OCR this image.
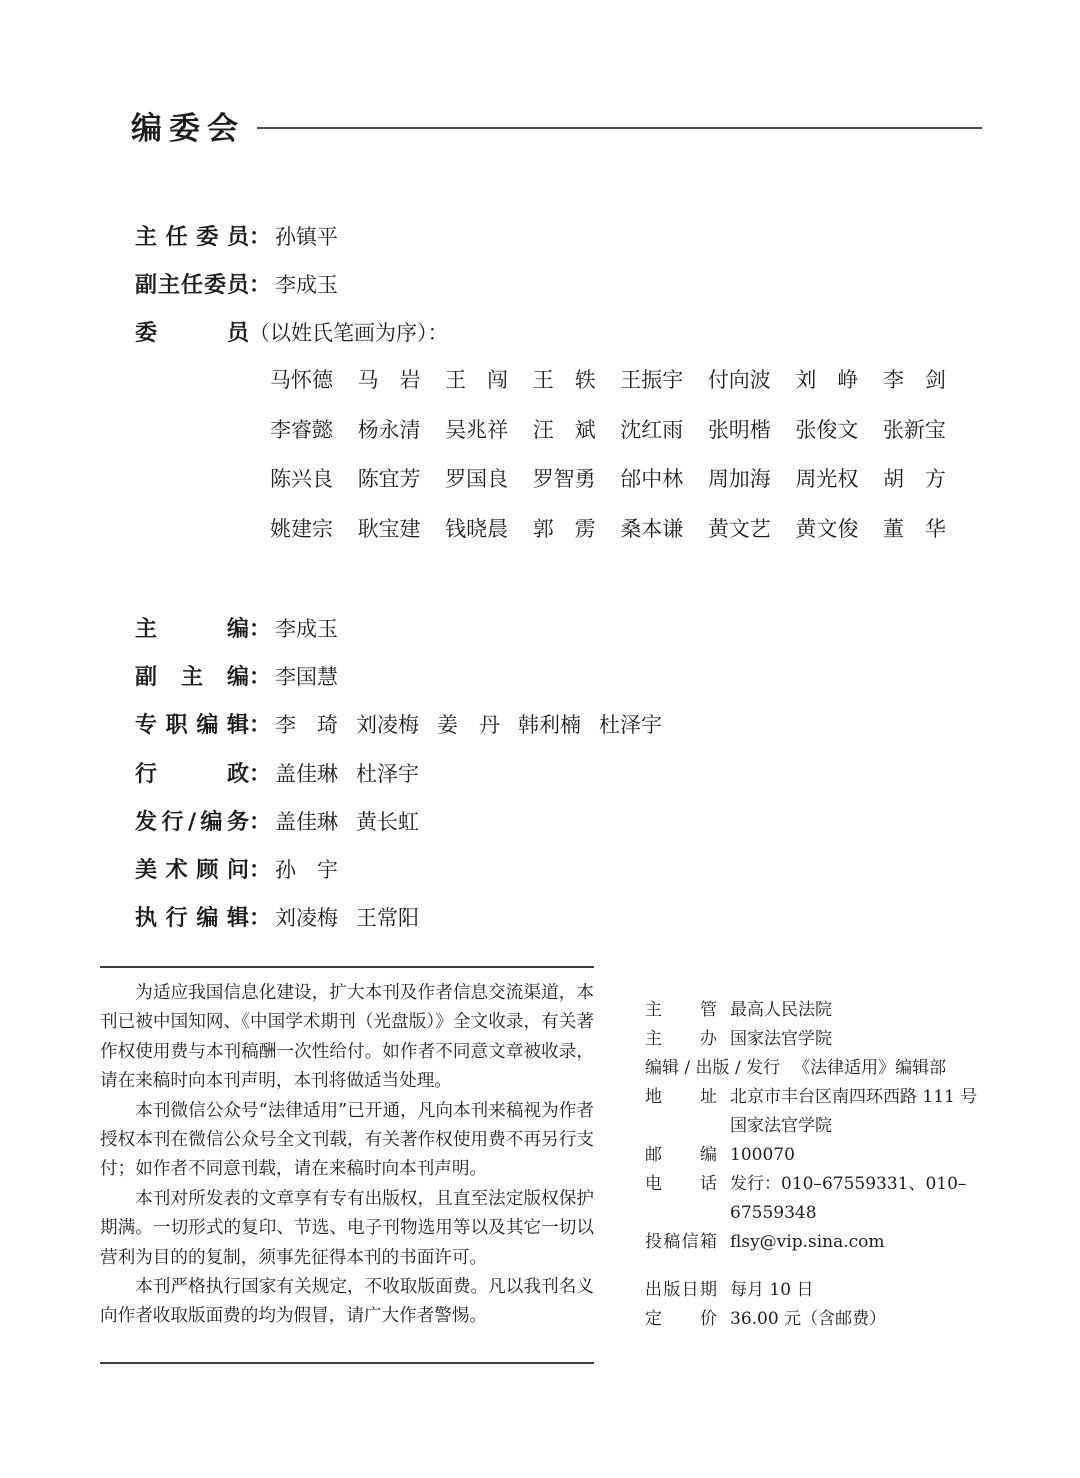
编委会
主任委员： 孙镇平
副主任委员： 李成玉
委员（以姓氏笔画为序）：
马怀德 马 岩 王 闯 王 轶 王振宇 付向波 刘 峥 李 剑
李睿懿 杨永清 吴兆祥 汪 斌 沈红雨 张明楷 张俊文 张新宝
陈兴良 陈宜芳 罗国良 罗智勇 邰中林 周加海 周光权 胡 方
姚建宗 耿宝建 钱晓晨 郭 雳 桑本谦 黄文艺 黄文俊 董 华
主编： 李成玉
副主编： 李国慧
专职编辑： 李 琦 刘凌梅 姜 丹 韩利楠 杜泽宇
行政： 盖佳琳 杜泽宇
发行/编务： 盖佳琳 黄长虹
美术顾问： 孙 宇
执行编辑： 刘凌梅 王常阳

为适应我国信息化建设，扩大本刊及作者信息交流渠道，本刊已被中国知网、《中国学术期刊（光盘版）》全文收录，有关著作权使用费与本刊稿酬一次性给付。如作者不同意文章被收录，请在来稿时向本刊声明，本刊将做适当处理。

本刊微信公众号“法律适用”已开通，凡向本刊来稿视为作者授权本刊在微信公众号全文刊载，有关著作权使用费不再另行支付；如作者不同意刊载，请在来稿时向本刊声明。

本刊对所发表的文章享有专有出版权，且直至法定版权保护期满。一切形式的复印、节选、电子刊物选用等以及其它一切以营利为目的的复制，须事先征得本刊的书面许可。

本刊严格执行国家有关规定，不收取版面费。凡以我刊名义向作者收取版面费的均为假冒，请广大作者警惕。

主 管 最高人民法院
主 办 国家法官学院
编辑 / 出版 / 发行 《法律适用》编辑部
地 址 北京市丰台区南四环西路 111 号
国家法官学院
邮 编 100070
电 话 发行：010–67559331、010–67559348
投稿信箱 flsy@vip.sina.com
出版日期 每月 10 日
定 价 36.00 元（含邮费）
